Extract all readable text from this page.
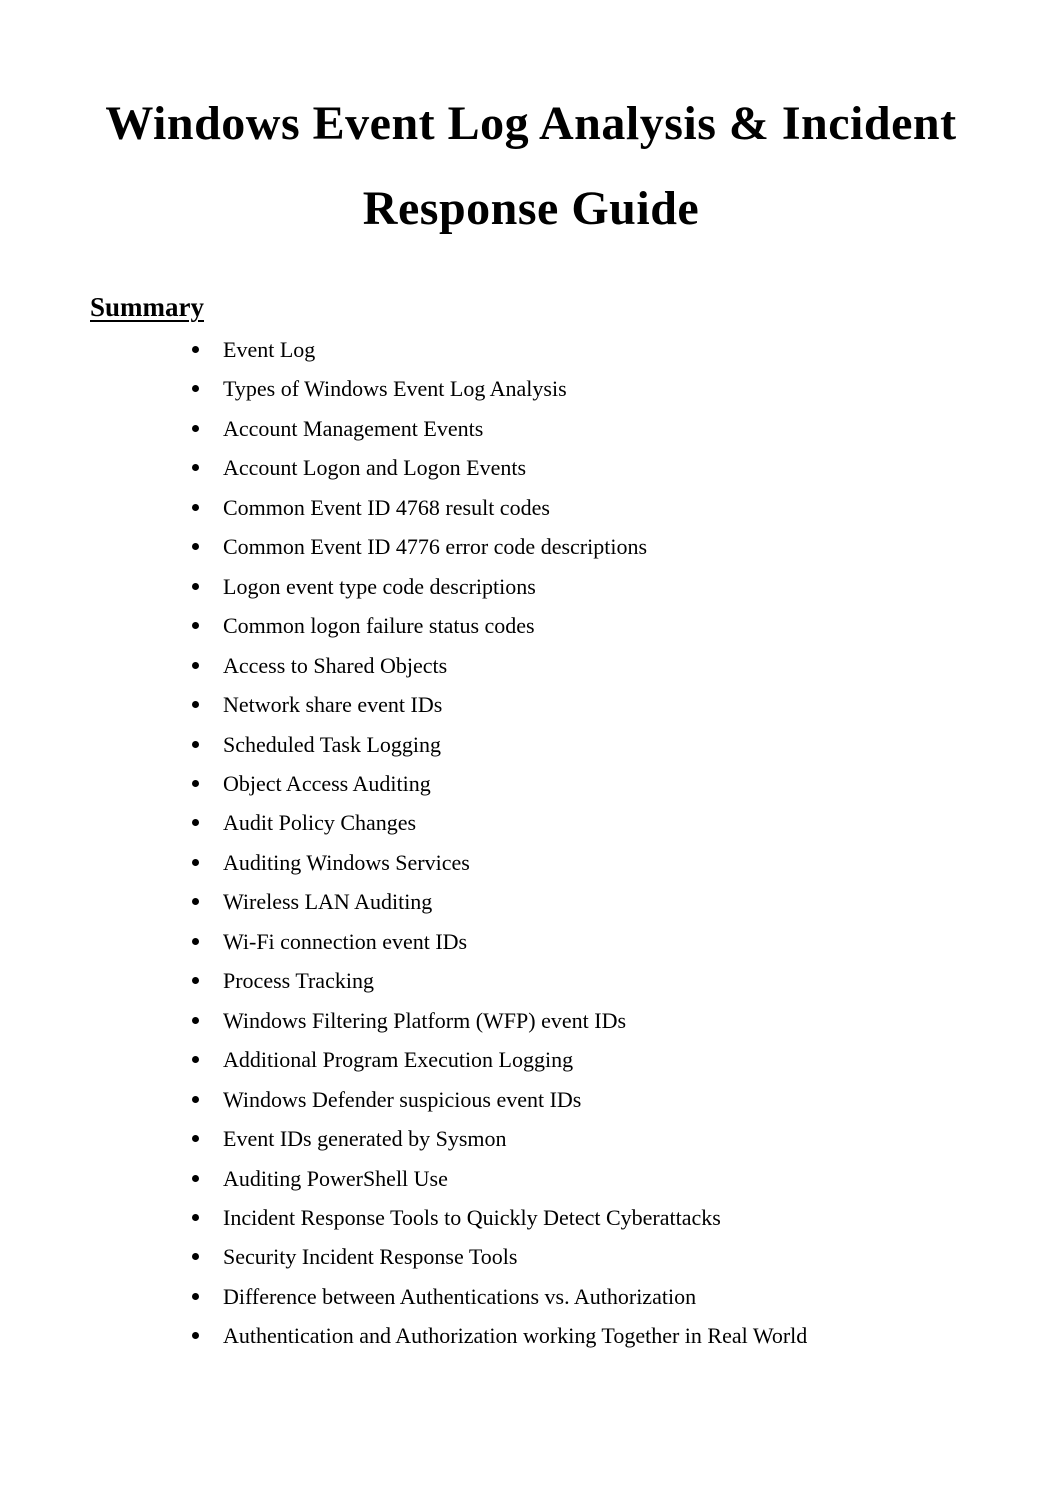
Windows Event Log Analysis & Incident
Response Guide
Summary
Event Log
Types of Windows Event Log Analysis
Account Management Events
Account Logon and Logon Events
Common Event ID 4768 result codes
Common Event ID 4776 error code descriptions
Logon event type code descriptions
Common logon failure status codes
Access to Shared Objects
Network share event IDs
Scheduled Task Logging
Object Access Auditing
Audit Policy Changes
Auditing Windows Services
Wireless LAN Auditing
Wi-Fi connection event IDs
Process Tracking
Windows Filtering Platform (WFP) event IDs
Additional Program Execution Logging
Windows Defender suspicious event IDs
Event IDs generated by Sysmon
Auditing PowerShell Use
Incident Response Tools to Quickly Detect Cyberattacks
Security Incident Response Tools
Difference between Authentications vs. Authorization
Authentication and Authorization working Together in Real World
